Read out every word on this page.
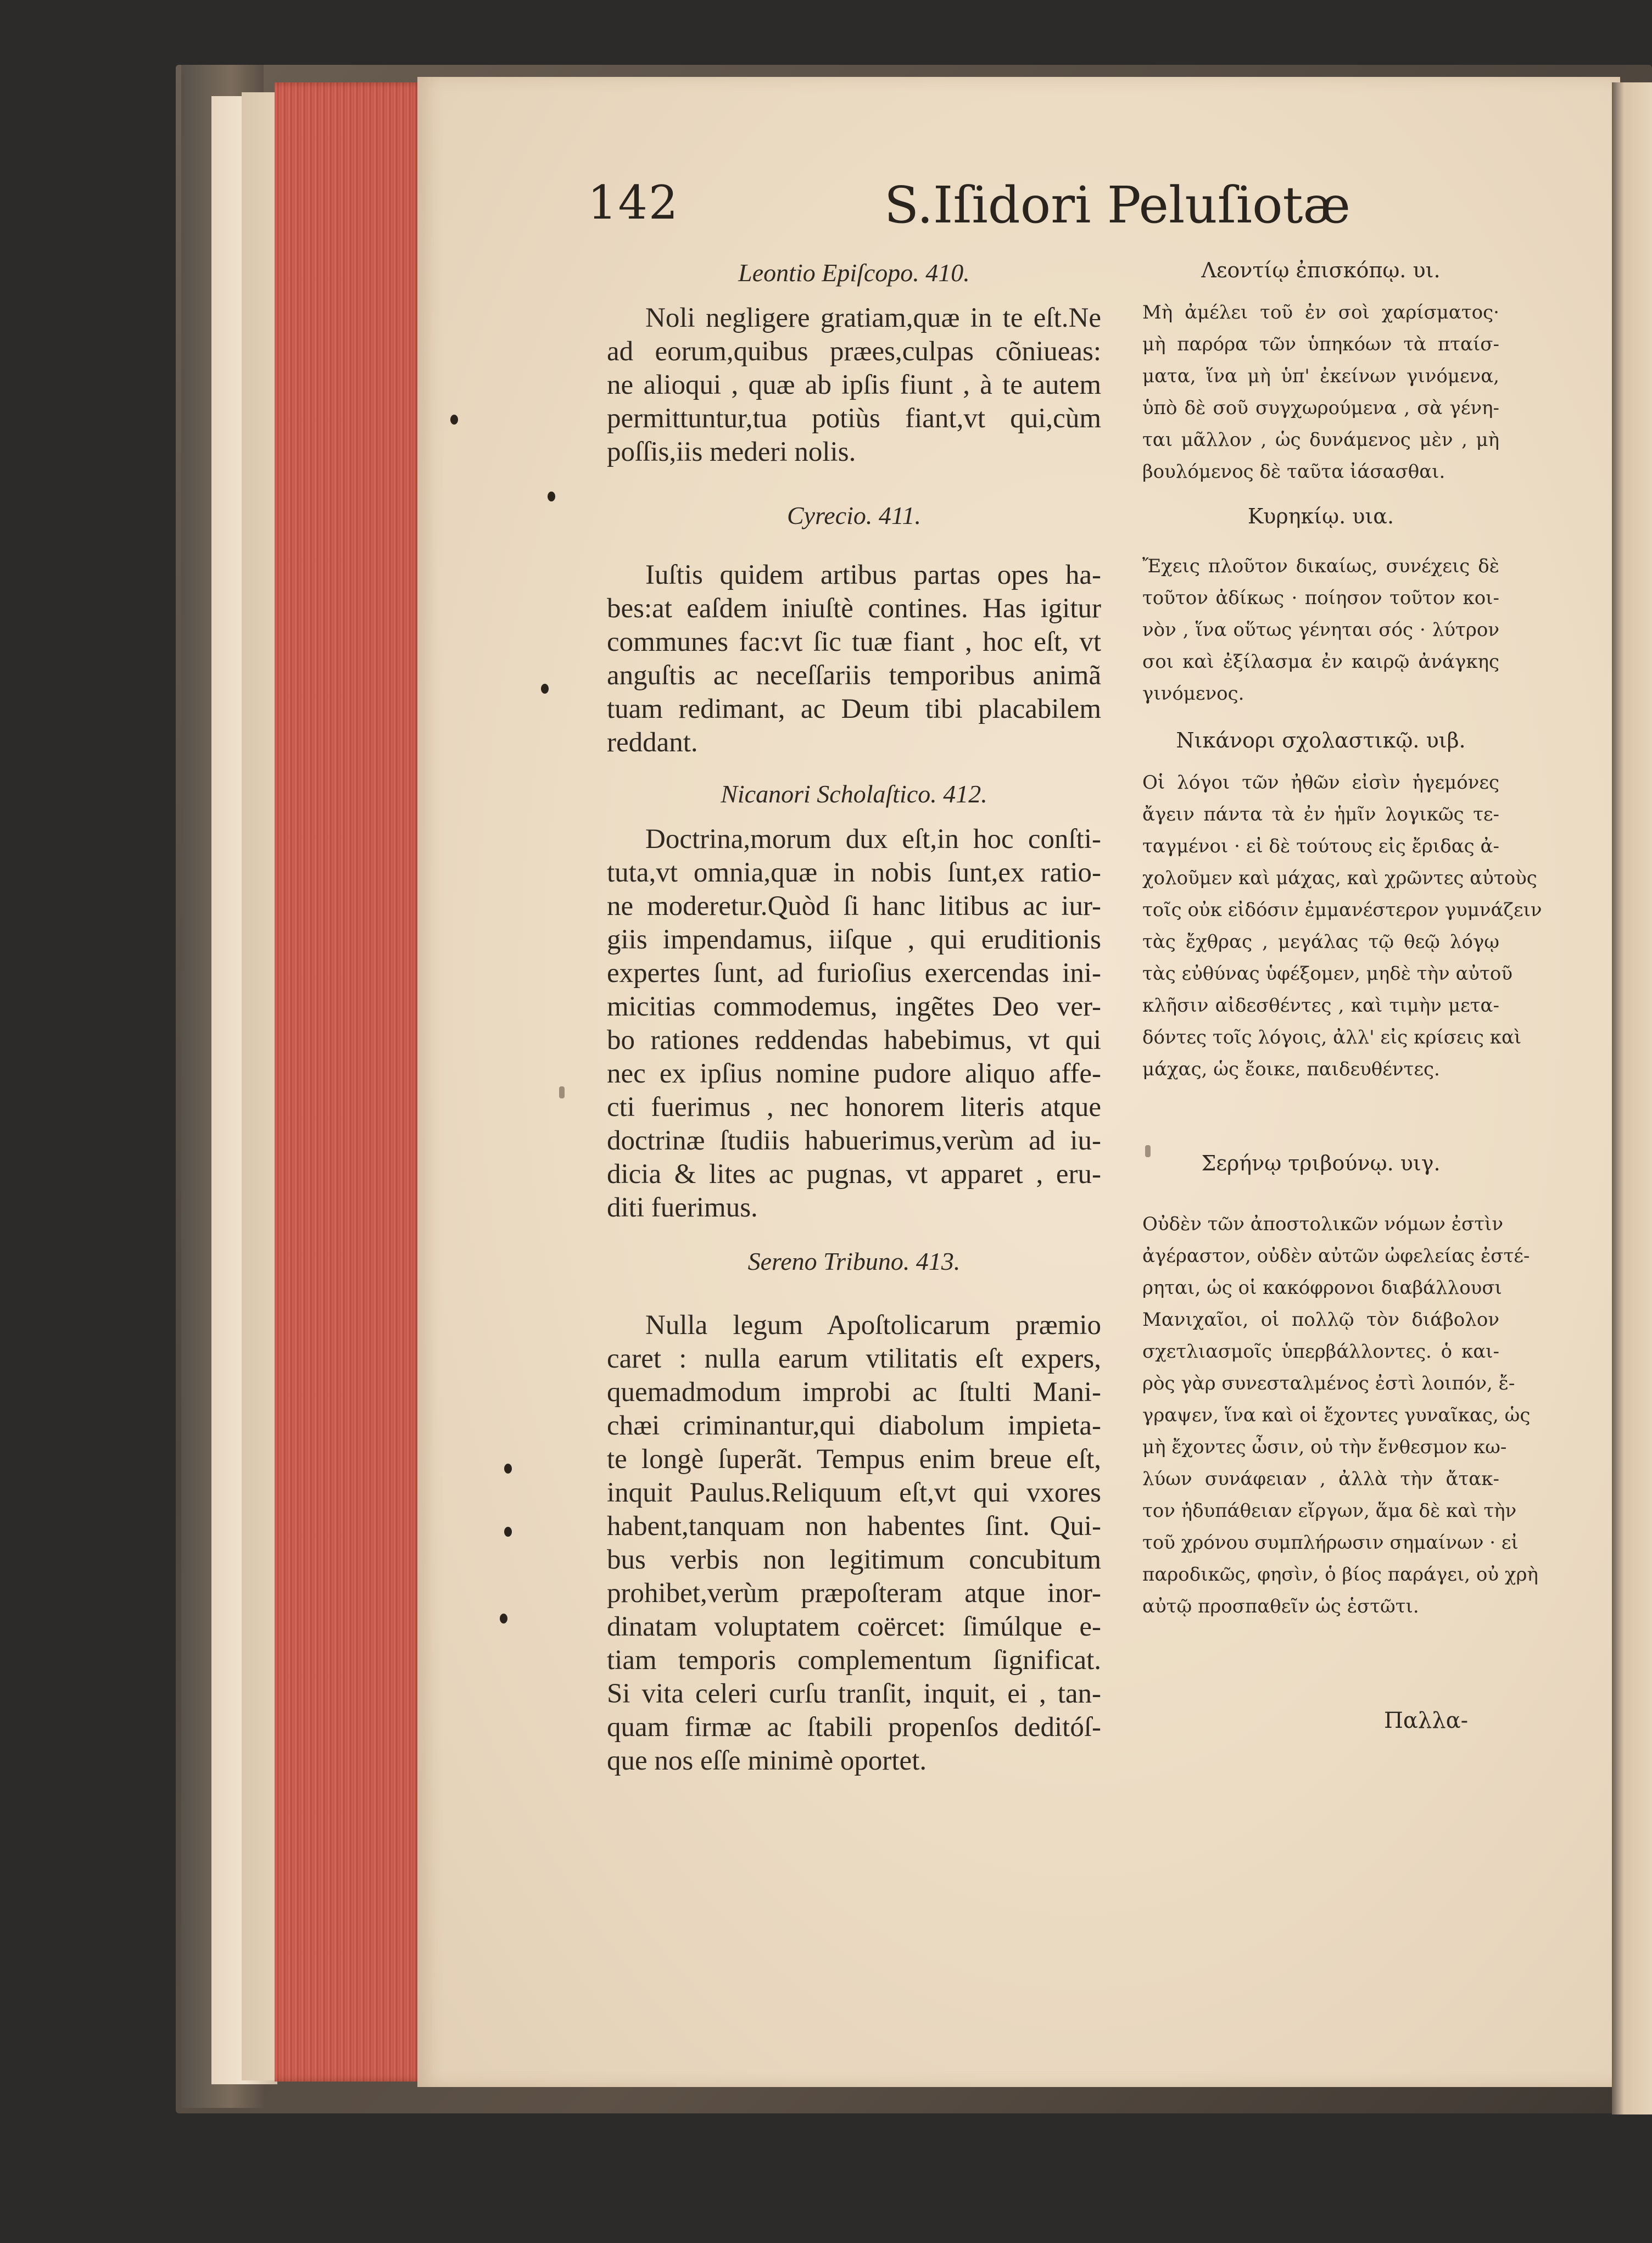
142	S.Iſidori Peluſiotæ
Leontio Epiſcopo. 410.
Noli negligere gratiam,quæ in te eſt.Ne
ad eorum,quibus præes,culpas cõniueas:
ne alioqui , quæ ab ipſis fiunt , à te autem
permittuntur,tua potiùs fiant,vt qui,cùm
poſſis,iis mederi nolis.
Cyrecio. 411.
Iuſtis quidem artibus partas opes ha-
bes:at eaſdem iniuſtè contines. Has igitur
communes fac:vt ſic tuæ fiant , hoc eſt, vt
anguſtis ac neceſſariis temporibus animã
tuam redimant, ac Deum tibi placabilem
reddant.
Nicanori Scholaſtico. 412.
Doctrina,morum dux eſt,in hoc conſti-
tuta,vt omnia,quæ in nobis ſunt,ex ratio-
ne moderetur.Quòd ſi hanc litibus ac iur-
giis impendamus, iiſque , qui eruditionis
expertes ſunt, ad furioſius exercendas ini-
micitias commodemus, ingẽtes Deo ver-
bo rationes reddendas habebimus, vt qui
nec ex ipſius nomine pudore aliquo affe-
cti fuerimus , nec honorem literis atque
doctrinæ ſtudiis habuerimus,verùm ad iu-
dicia & lites ac pugnas, vt apparet , eru-
diti fuerimus.
Sereno Tribuno. 413.
Nulla legum Apoſtolicarum præmio
caret : nulla earum vtilitatis eſt expers,
quemadmodum improbi ac ſtulti Mani-
chæi criminantur,qui diabolum impieta-
te longè ſuperãt. Tempus enim breue eſt,
inquit Paulus.Reliquum eſt,vt qui vxores
habent,tanquam non habentes ſint. Qui-
bus verbis non legitimum concubitum
prohibet,verùm præpoſteram atque inor-
dinatam voluptatem coërcet: ſimúlque e-
tiam temporis complementum ſignificat.
Si vita celeri curſu tranſit, inquit, ei , tan-
quam firmæ ac ſtabili propenſos deditóſ-
que nos eſſe minimè oportet.
Λεοντίῳ ἐπισκόπῳ. υι.
Μὴ ἀμέλει τοῦ ἐν σοὶ χαρίσματος·
μὴ παρόρα τῶν ὑπηκόων τὰ πταίσ-
ματα, ἵνα μὴ ὑπ' ἐκείνων γινόμενα,
ὑπὸ δὲ σοῦ συγχωρούμενα , σὰ γένη-
ται μᾶλλον , ὡς δυνάμενος μὲν , μὴ
βουλόμενος δὲ ταῦτα ἰάσασθαι.
Κυρηκίῳ. υια.
Ἔχεις πλοῦτον δικαίως, συνέχεις δὲ
τοῦτον ἀδίκως · ποίησον τοῦτον κοι-
νὸν , ἵνα οὕτως γένηται σός · λύτρον
σοι καὶ ἐξίλασμα ἐν καιρῷ ἀνάγκης
γινόμενος.
Νικάνορι σχολαστικῷ. υιβ.
Οἱ λόγοι τῶν ἠθῶν εἰσὶν ἡγεμόνες
ἄγειν πάντα τὰ ἐν ἡμῖν λογικῶς τε-
ταγμένοι · εἰ δὲ τούτους εἰς ἔριδας ἀ-
χολοῦμεν καὶ μάχας, καὶ χρῶντες αὐτοὺς
τοῖς οὐκ εἰδόσιν ἐμμανέστερον γυμνάζειν
τὰς ἔχθρας , μεγάλας τῷ θεῷ λόγῳ
τὰς εὐθύνας ὑφέξομεν, μηδὲ τὴν αὐτοῦ
κλῆσιν αἰδεσθέντες , καὶ τιμὴν μετα-
δόντες τοῖς λόγοις, ἀλλ' εἰς κρίσεις καὶ
μάχας, ὡς ἔοικε, παιδευθέντες.
Σερήνῳ τριβούνῳ. υιγ.
Οὐδὲν τῶν ἀποστολικῶν νόμων ἐστὶν
ἀγέραστον, οὐδὲν αὐτῶν ὠφελείας ἐστέ-
ρηται, ὡς οἱ κακόφρονοι διαβάλλουσι
Μανιχαῖοι, οἱ πολλῷ τὸν διάβολον
σχετλιασμοῖς ὑπερβάλλοντες. ὁ και-
ρὸς γὰρ συνεσταλμένος ἐστὶ λοιπόν, ἔ-
γραψεν, ἵνα καὶ οἱ ἔχοντες γυναῖκας, ὡς
μὴ ἔχοντες ὦσιν, οὐ τὴν ἔνθεσμον κω-
λύων συνάφειαν , ἀλλὰ τὴν ἄτακ-
τον ἡδυπάθειαν εἴργων, ἅμα δὲ καὶ τὴν
τοῦ χρόνου συμπλήρωσιν σημαίνων · εἰ
παροδικῶς, φησὶν, ὁ βίος παράγει, οὐ χρὴ
αὐτῷ προσπαθεῖν ὡς ἑστῶτι.
Παλλα-
